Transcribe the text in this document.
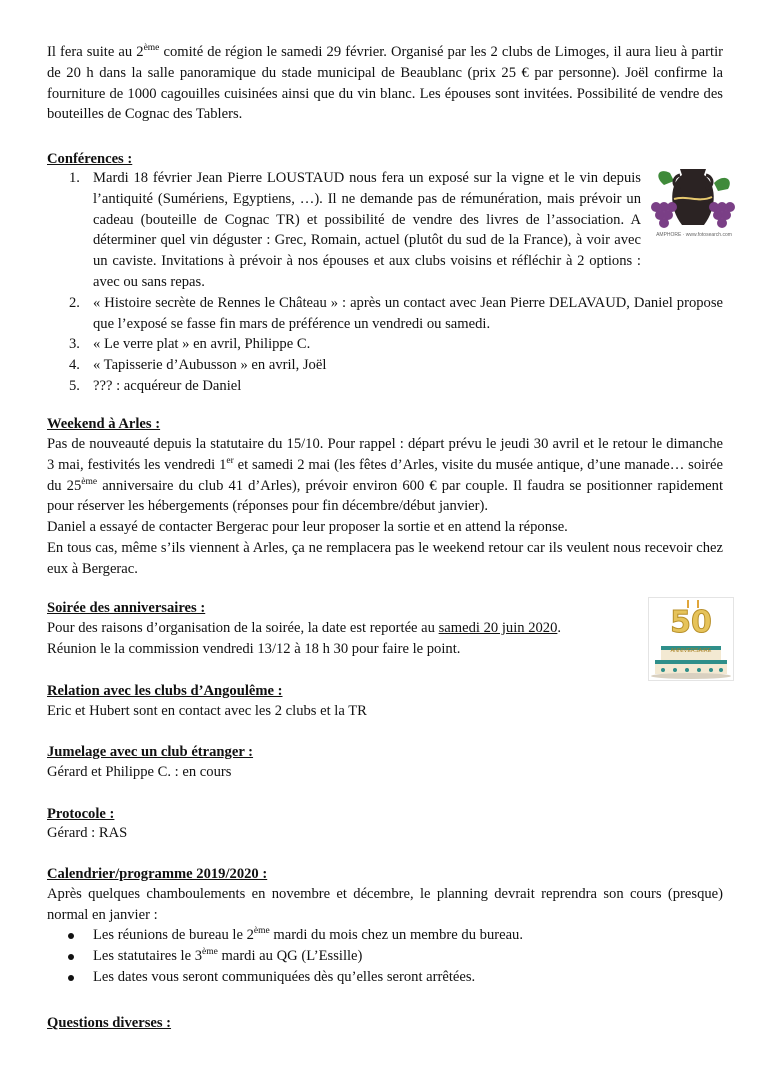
Il fera suite au 2ème comité de région le samedi 29 février. Organisé par les 2 clubs de Limoges, il aura lieu à partir de 20 h dans la salle panoramique du stade municipal de Beaublanc (prix 25 € par personne). Joël confirme la fourniture de 1000 cagouilles cuisinées ainsi que du vin blanc. Les épouses sont invitées. Possibilité de vendre des bouteilles de Cognac des Tablers.

Conférences :
1. Mardi 18 février Jean Pierre LOUSTAUD nous fera un exposé sur la vigne et le vin depuis l’antiquité (Sumériens, Egyptiens, …). Il ne demande pas de rémunération, mais prévoir un cadeau (bouteille de Cognac TR) et possibilité de vendre des livres de l’association. A déterminer quel vin déguster : Grec, Romain, actuel (plutôt du sud de la France), à voir avec un caviste. Invitations à prévoir à nos épouses et aux clubs voisins et réfléchir à 2 options : avec ou sans repas.
2. « Histoire secrète de Rennes le Château » : après un contact avec Jean Pierre DELAVAUD, Daniel propose que l’exposé se fasse fin mars de préférence un vendredi ou samedi.
3. « Le verre plat » en avril, Philippe C.
4. « Tapisserie d’Aubusson » en avril, Joël
5. ??? : acquéreur de Daniel
AMPHORE · www.fotosearch.com
Weekend à Arles :

Pas de nouveauté depuis la statutaire du 15/10. Pour rappel : départ prévu le jeudi 30 avril et le retour le dimanche 3 mai, festivités les vendredi 1er et samedi 2 mai (les fêtes d’Arles, visite du musée antique, d’une manade… soirée du 25ème anniversaire du club 41 d’Arles), prévoir environ 600 € par couple. Il faudra se positionner rapidement pour réserver les hébergements (réponses pour fin décembre/début janvier).

Daniel a essayé de contacter Bergerac pour leur proposer la sortie et en attend la réponse.

En tous cas, même s’ils viennent à Arles, ça ne remplacera pas le weekend retour car ils veulent nous recevoir chez eux à Bergerac.

Soirée des anniversaires :

Pour des raisons d’organisation de la soirée, la date est reportée au samedi 20 juin 2020.

Réunion le la commission vendredi 13/12 à 18 h 30 pour faire le point.

50
ANNIVERSAIRE
Relation avec les clubs d’Angoulême :
Eric et Hubert sont en contact avec les 2 clubs et la TR
Jumelage avec un club étranger :
Gérard et Philippe C. : en cours
Protocole :
Gérard : RAS
Calendrier/programme 2019/2020 :
Après quelques chamboulements en novembre et décembre, le planning devrait reprendra son cours (presque) normal en janvier :
Les réunions de bureau le 2ème mardi du mois chez un membre du bureau.
Les statutaires le 3ème mardi au QG (L’Essille)
Les dates vous seront communiquées dès qu’elles seront arrêtées.
Questions diverses :
